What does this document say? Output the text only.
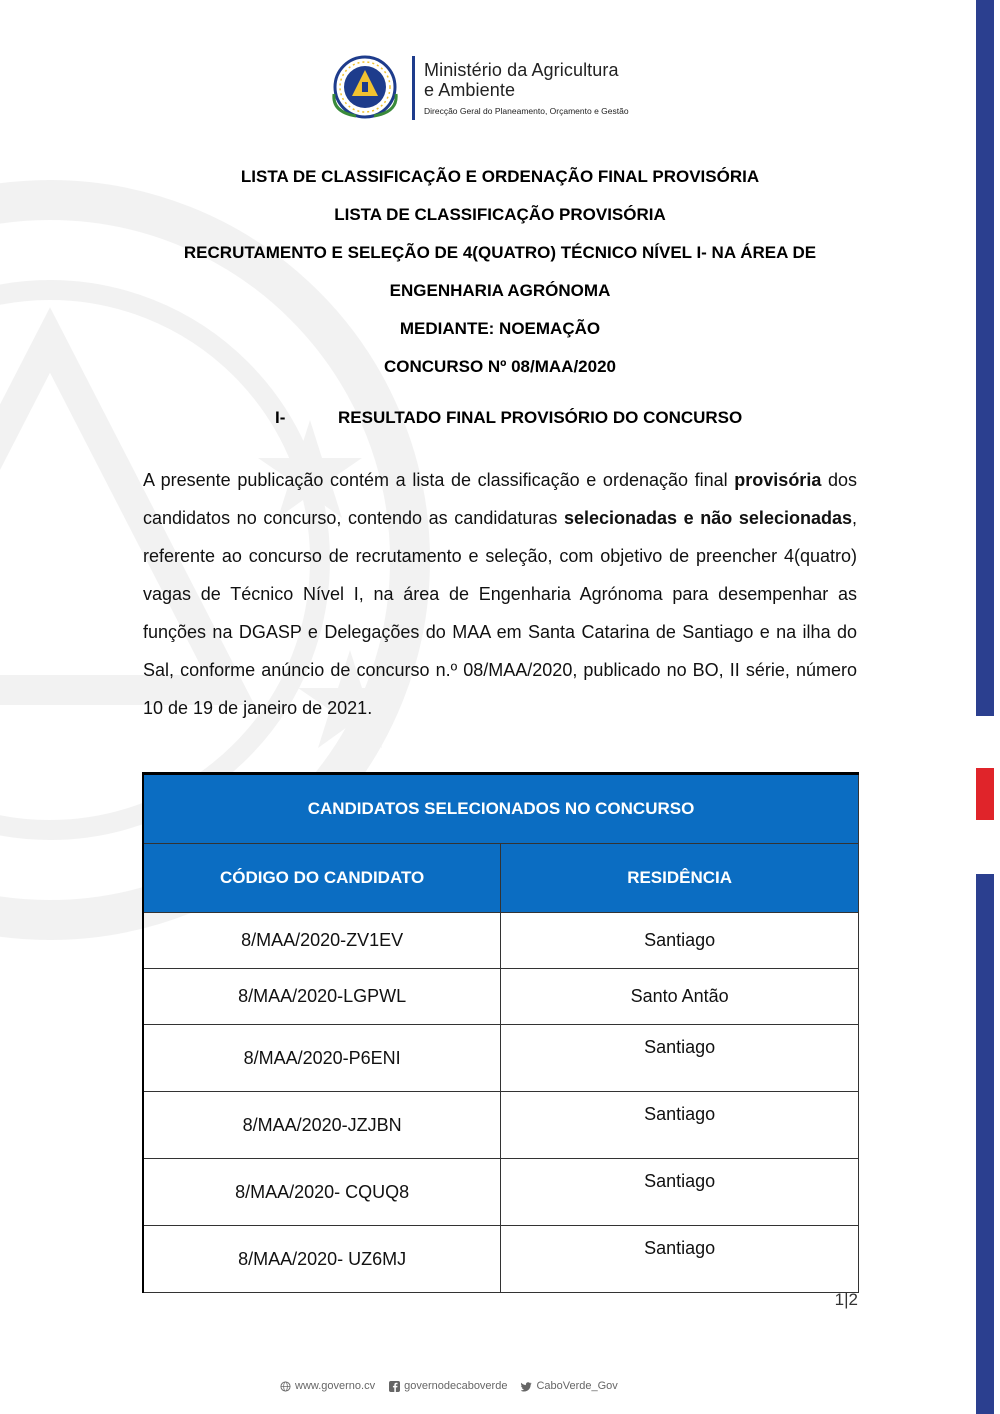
Ministério da Agricultura
e Ambiente
Direcção Geral do Planeamento, Orçamento e Gestão
LISTA DE CLASSIFICAÇÃO E ORDENAÇÃO FINAL PROVISÓRIA
LISTA DE CLASSIFICAÇÃO PROVISÓRIA
RECRUTAMENTO E SELEÇÃO DE 4(QUATRO) TÉCNICO NÍVEL I- NA ÁREA DE
ENGENHARIA AGRÓNOMA
MEDIANTE: NOEMAÇÃO
CONCURSO Nº 08/MAA/2020
I-	RESULTADO FINAL PROVISÓRIO DO CONCURSO

A presente publicação contém a lista de classificação e ordenação final provisória dos candidatos no concurso, contendo as candidaturas selecionadas e não selecionadas, referente ao concurso de recrutamento e seleção, com objetivo de preencher 4(quatro) vagas de Técnico Nível I, na área de Engenharia Agrónoma para desempenhar as funções na DGASP e Delegações do MAA em Santa Catarina de Santiago e na ilha do Sal, conforme anúncio de concurso n.º 08/MAA/2020, publicado no BO, II série, número 10 de 19 de janeiro de 2021.

CANDIDATOS SELECIONADOS NO CONCURSO	
CÓDIGO DO CANDIDATO	RESIDÊNCIA
8/MAA/2020-ZV1EV	Santiago
8/MAA/2020-LGPWL	Santo Antão
8/MAA/2020-P6ENI	Santiago
8/MAA/2020-JZJBN	Santiago
8/MAA/2020- CQUQ8	Santiago
8/MAA/2020- UZ6MJ	Santiago
1|2
www.governo.cv	governodecaboverde	CaboVerde_Gov
